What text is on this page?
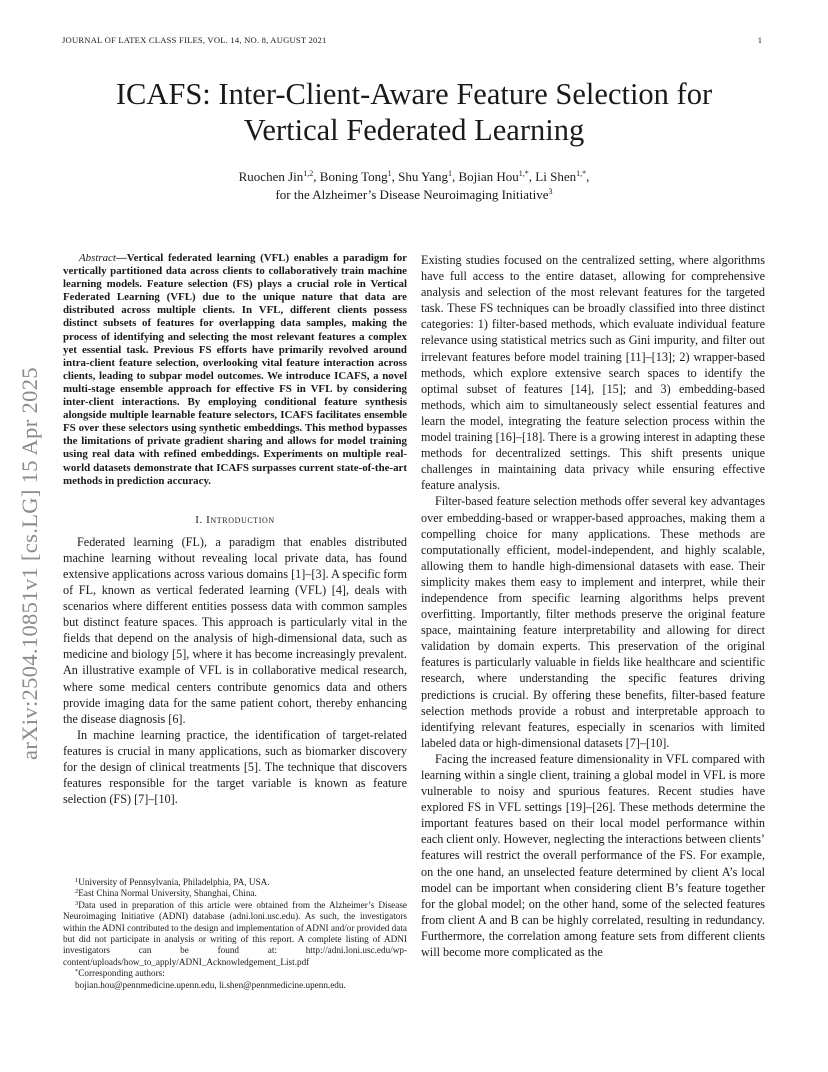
JOURNAL OF LATEX CLASS FILES, VOL. 14, NO. 8, AUGUST 2021	1
ICAFS: Inter-Client-Aware Feature Selection for
Vertical Federated Learning
Ruochen Jin$^{1,2}$, Boning Tong$^1$, Shu Yang$^1$, Bojian Hou$^{1,*}$, Li Shen$^{1,*}$,
for the Alzheimer’s Disease Neuroimaging Initiative$^3$
arXiv:2504.10851v1 [cs.LG] 15 Apr 2025

Abstract—Vertical federated learning (VFL) enables a paradigm for vertically partitioned data across clients to collaboratively train machine learning models. Feature selection (FS) plays a crucial role in Vertical Federated Learning (VFL) due to the unique nature that data are distributed across multiple clients. In VFL, different clients possess distinct subsets of features for overlapping data samples, making the process of identifying and selecting the most relevant features a complex yet essential task. Previous FS efforts have primarily revolved around intra-client feature selection, overlooking vital feature interaction across clients, leading to subpar model outcomes. We introduce ICAFS, a novel multi-stage ensemble approach for effective FS in VFL by considering inter-client interactions. By employing conditional feature synthesis alongside multiple learnable feature selectors, ICAFS facilitates ensemble FS over these selectors using synthetic embeddings. This method bypasses the limitations of private gradient sharing and allows for model training using real data with refined embeddings. Experiments on multiple real-world datasets demonstrate that ICAFS surpasses current state-of-the-art methods in prediction accuracy.

I. Introduction

Federated learning (FL), a paradigm that enables distributed machine learning without revealing local private data, has found extensive applications across various domains [1]–[3]. A specific form of FL, known as vertical federated learning (VFL) [4], deals with scenarios where different entities possess data with common samples but distinct feature spaces. This approach is particularly vital in the fields that depend on the analysis of high-dimensional data, such as medicine and biology [5], where it has become increasingly prevalent. An illustrative example of VFL is in collaborative medical research, where some medical centers contribute genomics data and others provide imaging data for the same patient cohort, thereby enhancing the disease diagnosis [6].

In machine learning practice, the identification of target-related features is crucial in many applications, such as biomarker discovery for the design of clinical treatments [5]. The technique that discovers features responsible for the target variable is known as feature selection (FS) [7]–[10].

$^1$University of Pennsylvania, Philadelphia, PA, USA.

$^2$East China Normal University, Shanghai, China.

$^3$Data used in preparation of this article were obtained from the Alzheimer’s Disease Neuroimaging Initiative (ADNI) database (adni.loni.usc.edu). As such, the investigators within the ADNI contributed to the design and implementation of ADNI and/or provided data but did not participate in analysis or writing of this report. A complete listing of ADNI investigators can be found at: http://adni.loni.usc.edu/wp-content/uploads/how_to_apply/ADNI_Acknowledgement_List.pdf

*Corresponding authors:

bojian.hou@pennmedicine.upenn.edu, li.shen@pennmedicine.upenn.edu.

Existing studies focused on the centralized setting, where algorithms have full access to the entire dataset, allowing for comprehensive analysis and selection of the most relevant features for the targeted task. These FS techniques can be broadly classified into three distinct categories: 1) filter-based methods, which evaluate individual feature relevance using statistical metrics such as Gini impurity, and filter out irrelevant features before model training [11]–[13]; 2) wrapper-based methods, which explore extensive search spaces to identify the optimal subset of features [14], [15]; and 3) embedding-based methods, which aim to simultaneously select essential features and learn the model, integrating the feature selection process within the model training [16]–[18]. There is a growing interest in adapting these methods for decentralized settings. This shift presents unique challenges in maintaining data privacy while ensuring effective feature analysis.

Filter-based feature selection methods offer several key advantages over embedding-based or wrapper-based approaches, making them a compelling choice for many applications. These methods are computationally efficient, model-independent, and highly scalable, allowing them to handle high-dimensional datasets with ease. Their simplicity makes them easy to implement and interpret, while their independence from specific learning algorithms helps prevent overfitting. Importantly, filter methods preserve the original feature space, maintaining feature interpretability and allowing for direct validation by domain experts. This preservation of the original features is particularly valuable in fields like healthcare and scientific research, where understanding the specific features driving predictions is crucial. By offering these benefits, filter-based feature selection methods provide a robust and interpretable approach to identifying relevant features, especially in scenarios with limited labeled data or high-dimensional datasets [7]–[10].

Facing the increased feature dimensionality in VFL compared with learning within a single client, training a global model in VFL is more vulnerable to noisy and spurious features. Recent studies have explored FS in VFL settings [19]–[26]. These methods determine the important features based on their local model performance within each client only. However, neglecting the interactions between clients’ features will restrict the overall performance of the FS. For example, on the one hand, an unselected feature determined by client A’s local model can be important when considering client B’s feature together for the global model; on the other hand, some of the selected features from client A and B can be highly correlated, resulting in redundancy. Furthermore, the correlation among feature sets from different clients will become more complicated as the
